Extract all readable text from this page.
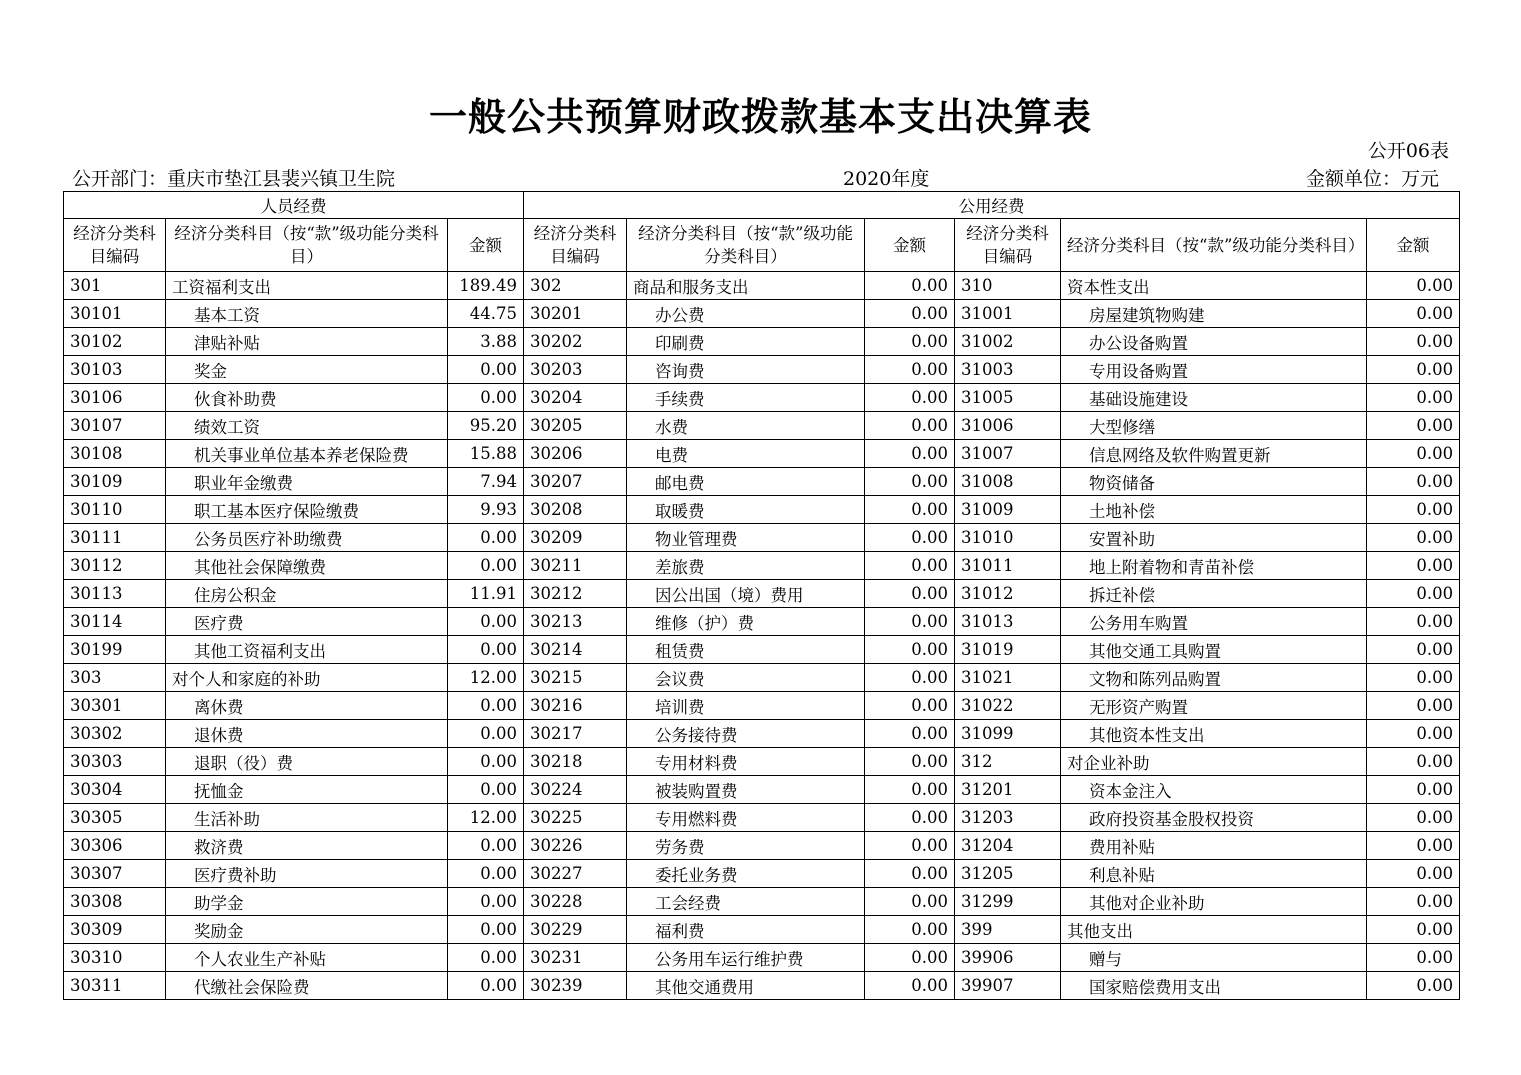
一般公共预算财政拨款基本支出决算表
公开06表
公开部门：重庆市垫江县裴兴镇卫生院	2020年度	金额单位：万元
人员经费			公用经费					
经济分类科目编码	经济分类科目（按“款”级功能分类科目）	金额	经济分类科目编码	经济分类科目（按“款”级功能分类科目）	金额	经济分类科目编码	经济分类科目（按“款”级功能分类科目）	金额
301	工资福利支出	189.49	302	商品和服务支出	0.00	310	资本性支出	0.00
30101	基本工资	44.75	30201	办公费	0.00	31001	房屋建筑物购建	0.00
30102	津贴补贴	3.88	30202	印刷费	0.00	31002	办公设备购置	0.00
30103	奖金	0.00	30203	咨询费	0.00	31003	专用设备购置	0.00
30106	伙食补助费	0.00	30204	手续费	0.00	31005	基础设施建设	0.00
30107	绩效工资	95.20	30205	水费	0.00	31006	大型修缮	0.00
30108	机关事业单位基本养老保险费	15.88	30206	电费	0.00	31007	信息网络及软件购置更新	0.00
30109	职业年金缴费	7.94	30207	邮电费	0.00	31008	物资储备	0.00
30110	职工基本医疗保险缴费	9.93	30208	取暖费	0.00	31009	土地补偿	0.00
30111	公务员医疗补助缴费	0.00	30209	物业管理费	0.00	31010	安置补助	0.00
30112	其他社会保障缴费	0.00	30211	差旅费	0.00	31011	地上附着物和青苗补偿	0.00
30113	住房公积金	11.91	30212	因公出国（境）费用	0.00	31012	拆迁补偿	0.00
30114	医疗费	0.00	30213	维修（护）费	0.00	31013	公务用车购置	0.00
30199	其他工资福利支出	0.00	30214	租赁费	0.00	31019	其他交通工具购置	0.00
303	对个人和家庭的补助	12.00	30215	会议费	0.00	31021	文物和陈列品购置	0.00
30301	离休费	0.00	30216	培训费	0.00	31022	无形资产购置	0.00
30302	退休费	0.00	30217	公务接待费	0.00	31099	其他资本性支出	0.00
30303	退职（役）费	0.00	30218	专用材料费	0.00	312	对企业补助	0.00
30304	抚恤金	0.00	30224	被装购置费	0.00	31201	资本金注入	0.00
30305	生活补助	12.00	30225	专用燃料费	0.00	31203	政府投资基金股权投资	0.00
30306	救济费	0.00	30226	劳务费	0.00	31204	费用补贴	0.00
30307	医疗费补助	0.00	30227	委托业务费	0.00	31205	利息补贴	0.00
30308	助学金	0.00	30228	工会经费	0.00	31299	其他对企业补助	0.00
30309	奖励金	0.00	30229	福利费	0.00	399	其他支出	0.00
30310	个人农业生产补贴	0.00	30231	公务用车运行维护费	0.00	39906	赠与	0.00
30311	代缴社会保险费	0.00	30239	其他交通费用	0.00	39907	国家赔偿费用支出	0.00
